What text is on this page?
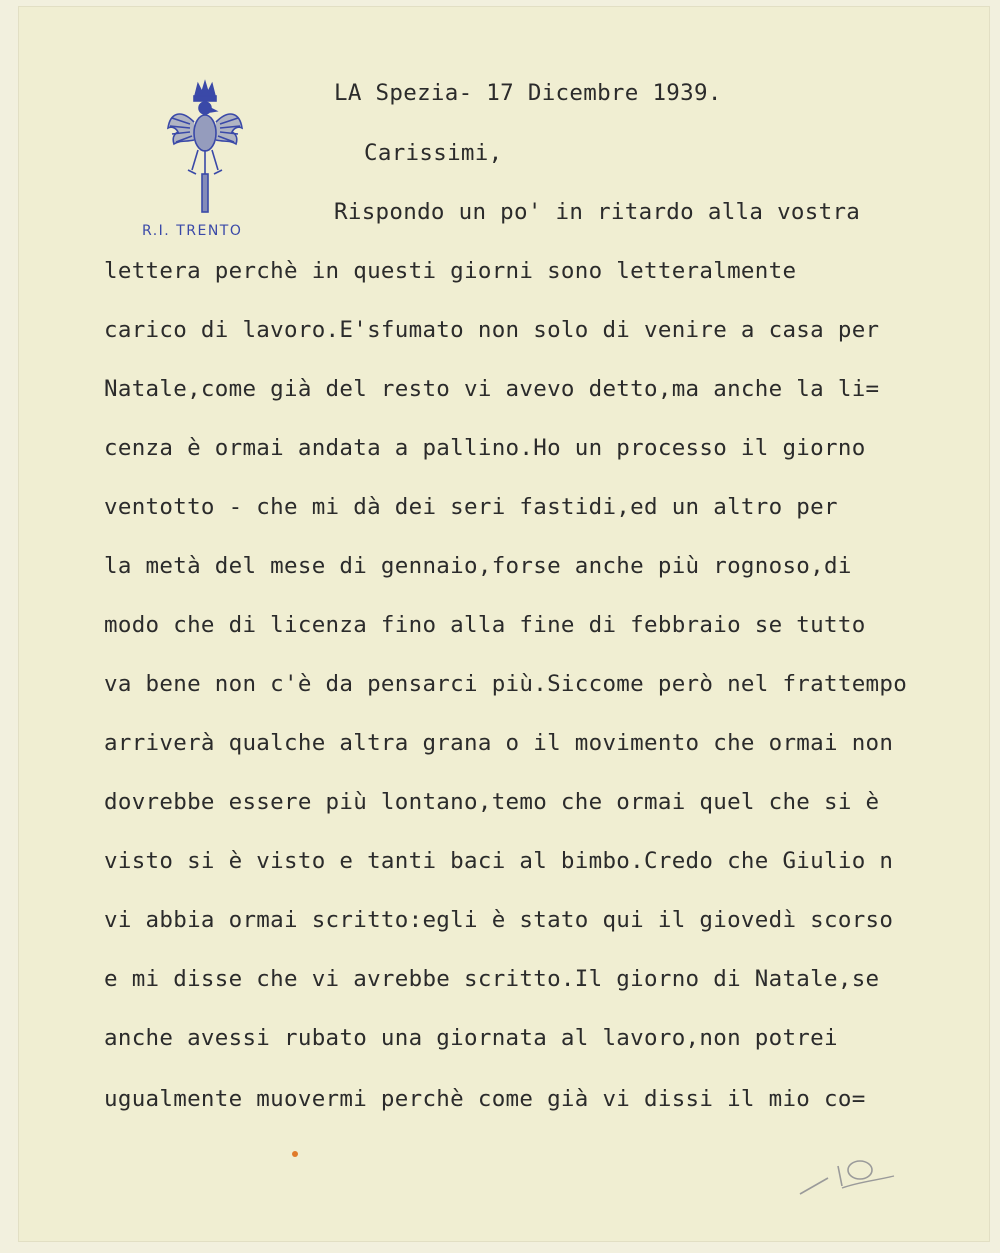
R.I. TRENTO
LA Spezia- 17 Dicembre 1939.
Carissimi,
Rispondo un po' in ritardo alla vostra
lettera perchè in questi giorni sono letteralmente
carico di lavoro.E'sfumato non solo di venire a casa per
Natale,come già del resto vi avevo detto,ma anche la li=
cenza è ormai andata a pallino.Ho un processo il giorno
ventotto - che mi dà dei seri fastidi,ed un altro per
la metà del mese di gennaio,forse anche più rognoso,di
modo che di licenza fino alla fine di febbraio se tutto
va bene non c'è da pensarci più.Siccome però nel frattempo
arriverà qualche altra grana o il movimento che ormai non
dovrebbe essere più lontano,temo che ormai quel che si è
visto si è visto e tanti baci al bimbo.Credo che Giulio n
vi abbia ormai scritto:egli è stato qui il giovedì scorso
e mi disse che vi avrebbe scritto.Il giorno di Natale,se
anche avessi rubato una giornata al lavoro,non potrei
ugualmente muovermi perchè come già vi dissi il mio co=
